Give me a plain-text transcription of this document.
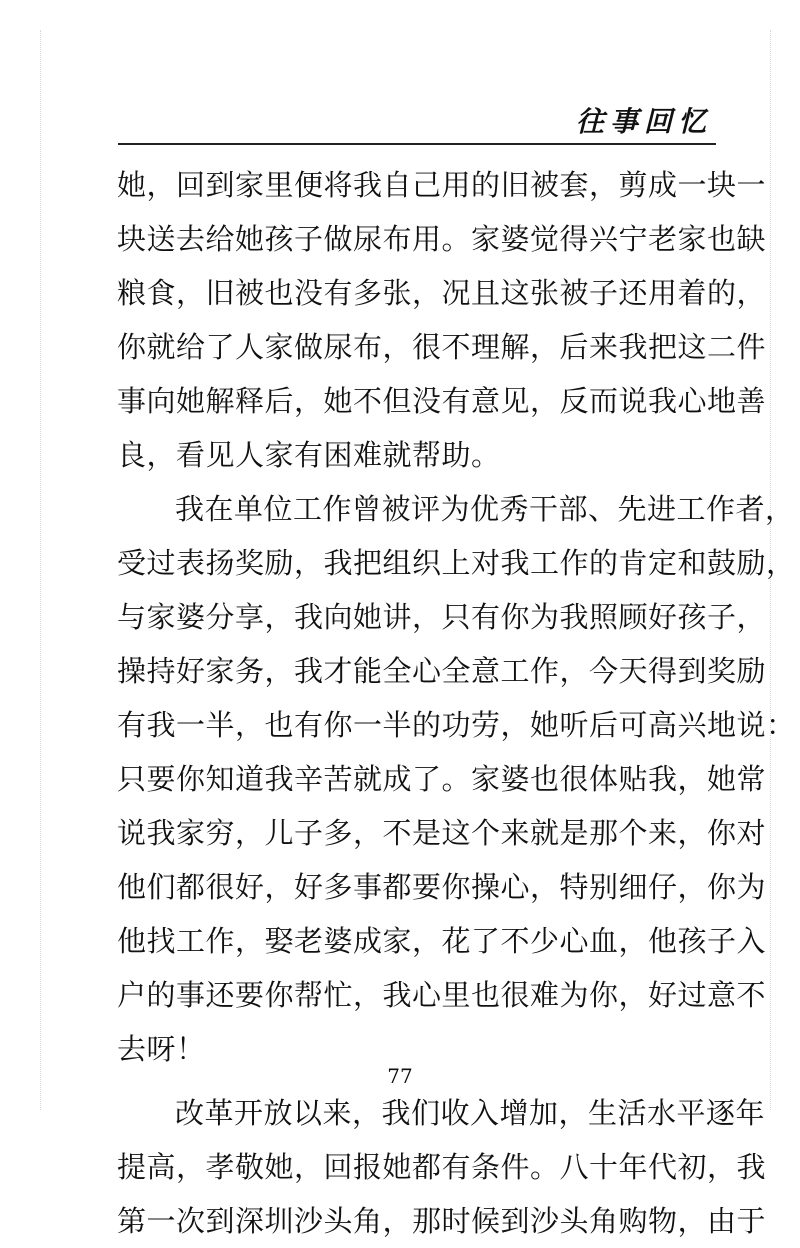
往事回忆
她，回到家里便将我自己用的旧被套，剪成一块一
块送去给她孩子做尿布用。家婆觉得兴宁老家也缺
粮食，旧被也没有多张，况且这张被子还用着的，
你就给了人家做尿布，很不理解，后来我把这二件
事向她解释后，她不但没有意见，反而说我心地善
良，看见人家有困难就帮助。
我在单位工作曾被评为优秀干部、先进工作者，
受过表扬奖励，我把组织上对我工作的肯定和鼓励，
与家婆分享，我向她讲，只有你为我照顾好孩子，
操持好家务，我才能全心全意工作，今天得到奖励
有我一半，也有你一半的功劳，她听后可高兴地说：
只要你知道我辛苦就成了。家婆也很体贴我，她常
说我家穷，儿子多，不是这个来就是那个来，你对
他们都很好，好多事都要你操心，特别细仔，你为
他找工作，娶老婆成家，花了不少心血，他孩子入
户的事还要你帮忙，我心里也很难为你，好过意不
去呀！
改革开放以来，我们收入增加，生活水平逐年
提高，孝敬她，回报她都有条件。八十年代初，我
第一次到深圳沙头角，那时候到沙头角购物，由于
77
